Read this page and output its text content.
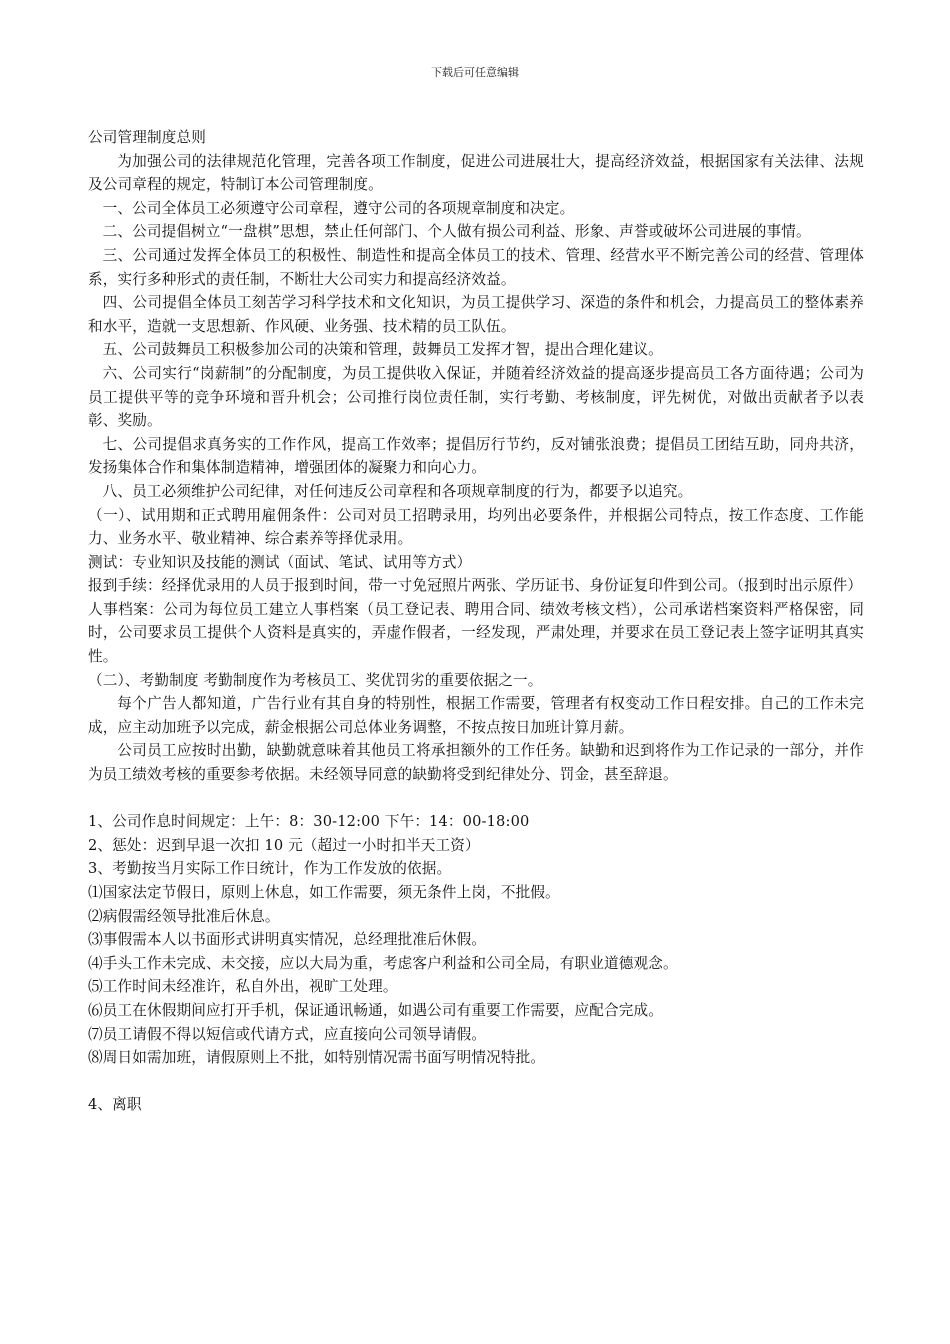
下载后可任意编辑

公司管理制度总则

为加强公司的法律规范化管理，完善各项工作制度，促进公司进展壮大，提高经济效益，根据国家有关法律、法规及公司章程的规定，特制订本公司管理制度。

一、公司全体员工必须遵守公司章程，遵守公司的各项规章制度和决定。

二、公司提倡树立“一盘棋”思想，禁止任何部门、个人做有损公司利益、形象、声誉或破坏公司进展的事情。

三、公司通过发挥全体员工的积极性、制造性和提高全体员工的技术、管理、经营水平不断完善公司的经营、管理体系，实行多种形式的责任制，不断壮大公司实力和提高经济效益。

四、公司提倡全体员工刻苦学习科学技术和文化知识，为员工提供学习、深造的条件和机会，力提高员工的整体素养和水平，造就一支思想新、作风硬、业务强、技术精的员工队伍。

五、公司鼓舞员工积极参加公司的决策和管理，鼓舞员工发挥才智，提出合理化建议。

六、公司实行“岗薪制”的分配制度，为员工提供收入保证，并随着经济效益的提高逐步提高员工各方面待遇；公司为员工提供平等的竞争环境和晋升机会；公司推行岗位责任制，实行考勤、考核制度，评先树优，对做出贡献者予以表彰、奖励。

七、公司提倡求真务实的工作作风，提高工作效率；提倡厉行节约，反对铺张浪费；提倡员工团结互助，同舟共济，发扬集体合作和集体制造精神，增强团体的凝聚力和向心力。

八、员工必须维护公司纪律，对任何违反公司章程和各项规章制度的行为，都要予以追究。

（一）、试用期和正式聘用雇佣条件：公司对员工招聘录用，均列出必要条件，并根据公司特点，按工作态度、工作能力、业务水平、敬业精神、综合素养等择优录用。

测试：专业知识及技能的测试（面试、笔试、试用等方式）

报到手续：经择优录用的人员于报到时间，带一寸免冠照片两张、学历证书、身份证复印件到公司。（报到时出示原件）

人事档案：公司为每位员工建立人事档案（员工登记表、聘用合同、绩效考核文档），公司承诺档案资料严格保密，同时，公司要求员工提供个人资料是真实的，弄虚作假者，一经发现，严肃处理，并要求在员工登记表上签字证明其真实性。

（二）、考勤制度 考勤制度作为考核员工、奖优罚劣的重要依据之一。

每个广告人都知道，广告行业有其自身的特别性，根据工作需要，管理者有权变动工作日程安排。自己的工作未完成，应主动加班予以完成，薪金根据公司总体业务调整，不按点按日加班计算月薪。

公司员工应按时出勤，缺勤就意味着其他员工将承担额外的工作任务。缺勤和迟到将作为工作记录的一部分，并作为员工绩效考核的重要参考依据。未经领导同意的缺勤将受到纪律处分、罚金，甚至辞退。

1、公司作息时间规定：上午：8：30-12:00 下午：14：00-18:00

2、惩处：迟到早退一次扣 10 元（超过一小时扣半天工资）

3、考勤按当月实际工作日统计，作为工作发放的依据。

⑴国家法定节假日，原则上休息，如工作需要，须无条件上岗，不批假。

⑵病假需经领导批准后休息。

⑶事假需本人以书面形式讲明真实情况，总经理批准后休假。

⑷手头工作未完成、未交接，应以大局为重，考虑客户利益和公司全局，有职业道德观念。

⑸工作时间未经准许，私自外出，视旷工处理。

⑹员工在休假期间应打开手机，保证通讯畅通，如遇公司有重要工作需要，应配合完成。

⑺员工请假不得以短信或代请方式，应直接向公司领导请假。

⑻周日如需加班，请假原则上不批，如特别情况需书面写明情况特批。

4、离职
